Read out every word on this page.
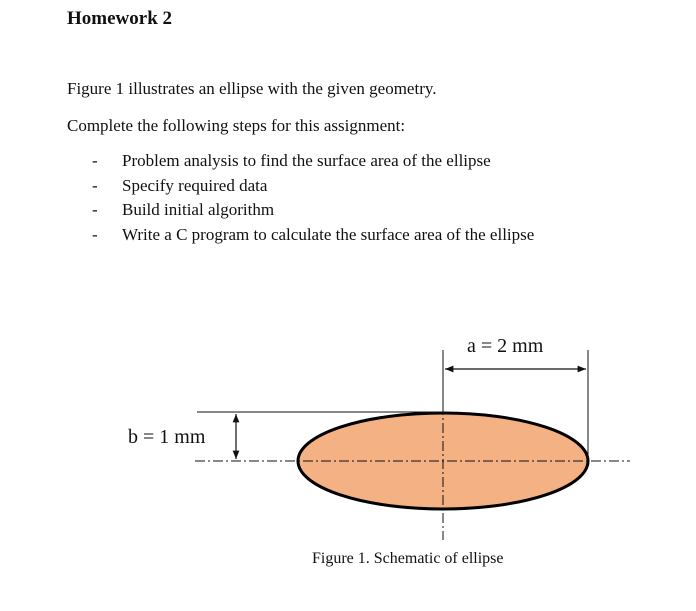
Homework 2

Figure 1 illustrates an ellipse with the given geometry.

Complete the following steps for this assignment:

- Problem analysis to find the surface area of the ellipse
- Specify required data
- Build initial algorithm
- Write a C program to calculate the surface area of the ellipse
a = 2 mm
b = 1 mm
Figure 1. Schematic of ellipse
